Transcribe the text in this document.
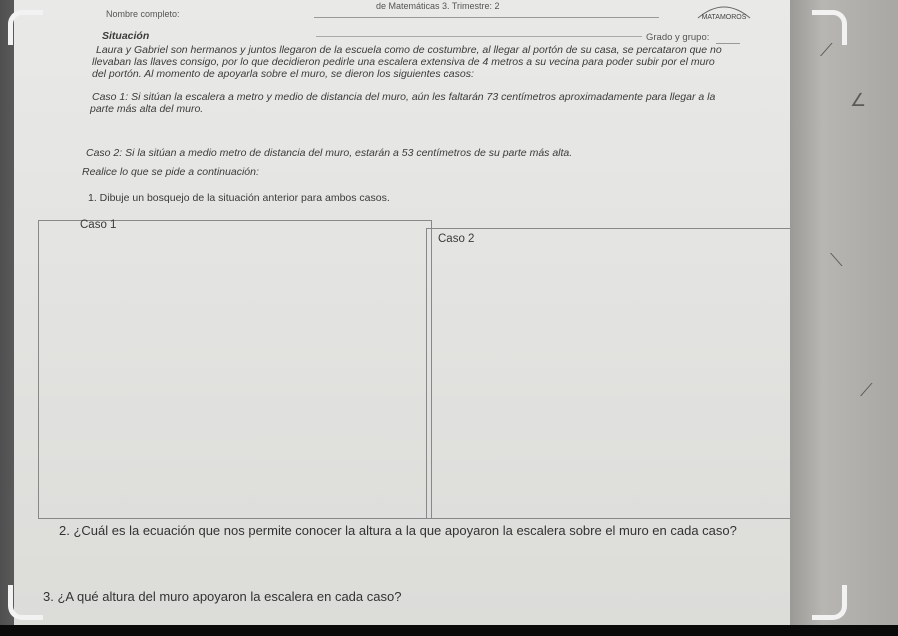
⟋
∠
⟍
⟋
Nombre completo:
de Matemáticas 3. Trimestre: 2
MATAMOROS
Grado y grupo:
Situación
Laura y Gabriel son hermanos y juntos llegaron de la escuela como de costumbre, al llegar al portón de su casa, se percataron que no
llevaban las llaves consigo, por lo que decidieron pedirle una escalera extensiva de 4 metros a su vecina para poder subir por el muro
del portón. Al momento de apoyarla sobre el muro, se dieron los siguientes casos:
Caso 1: Si sitúan la escalera a metro y medio de distancia del muro, aún les faltarán 73 centímetros aproximadamente para llegar a la
parte más alta del muro.
Caso 2: Si la sitúan a medio metro de distancia del muro, estarán a 53 centímetros de su parte más alta.
Realice lo que se pide a continuación:
1. Dibuje un bosquejo de la situación anterior para ambos casos.
Caso 1
Caso 2
2. ¿Cuál es la ecuación que nos permite conocer la altura a la que apoyaron la escalera sobre el muro en cada caso?
3. ¿A qué altura del muro apoyaron la escalera en cada caso?
